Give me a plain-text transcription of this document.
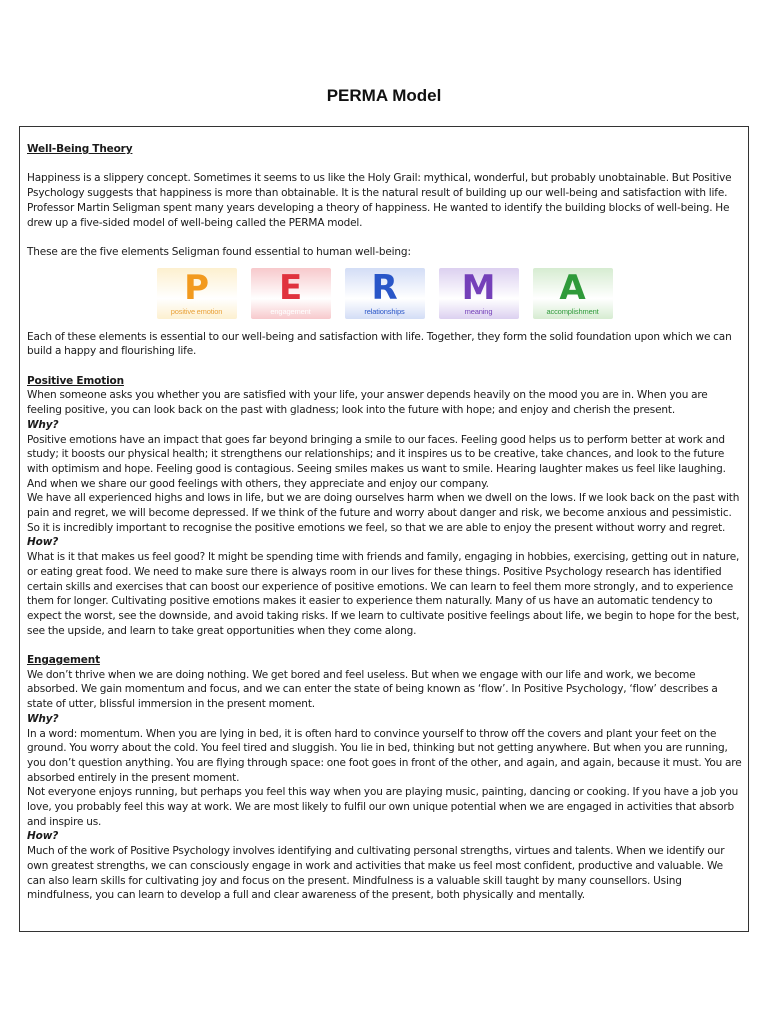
PERMA Model
Well-Being Theory
Happiness is a slippery concept. Sometimes it seems to us like the Holy Grail: mythical, wonderful, but probably unobtainable. But Positive Psychology suggests that happiness is more than obtainable. It is the natural result of building up our well-being and satisfaction with life. Professor Martin Seligman spent many years developing a theory of happiness. He wanted to identify the building blocks of well-being. He drew up a five-sided model of well-being called the PERMA model.
These are the five elements Seligman found essential to human well-being:
P
positive emotion
E
engagement
R
relationships
M
meaning
A
accomplishment
Each of these elements is essential to our well-being and satisfaction with life. Together, they form the solid foundation upon which we can build a happy and flourishing life.
Positive Emotion
When someone asks you whether you are satisfied with your life, your answer depends heavily on the mood you are in. When you are feeling positive, you can look back on the past with gladness; look into the future with hope; and enjoy and cherish the present.
Why?
Positive emotions have an impact that goes far beyond bringing a smile to our faces. Feeling good helps us to perform better at work and study; it boosts our physical health; it strengthens our relationships; and it inspires us to be creative, take chances, and look to the future with optimism and hope. Feeling good is contagious. Seeing smiles makes us want to smile. Hearing laughter makes us feel like laughing. And when we share our good feelings with others, they appreciate and enjoy our company.
We have all experienced highs and lows in life, but we are doing ourselves harm when we dwell on the lows. If we look back on the past with pain and regret, we will become depressed. If we think of the future and worry about danger and risk, we become anxious and pessimistic. So it is incredibly important to recognise the positive emotions we feel, so that we are able to enjoy the present without worry and regret.
How?
What is it that makes us feel good? It might be spending time with friends and family, engaging in hobbies, exercising, getting out in nature, or eating great food. We need to make sure there is always room in our lives for these things. Positive Psychology research has identified certain skills and exercises that can boost our experience of positive emotions. We can learn to feel them more strongly, and to experience them for longer. Cultivating positive emotions makes it easier to experience them naturally. Many of us have an automatic tendency to expect the worst, see the downside, and avoid taking risks. If we learn to cultivate positive feelings about life, we begin to hope for the best, see the upside, and learn to take great opportunities when they come along.
Engagement
We don’t thrive when we are doing nothing. We get bored and feel useless. But when we engage with our life and work, we become absorbed. We gain momentum and focus, and we can enter the state of being known as ‘flow’. In Positive Psychology, ‘flow’ describes a state of utter, blissful immersion in the present moment.
Why?
In a word: momentum. When you are lying in bed, it is often hard to convince yourself to throw off the covers and plant your feet on the ground. You worry about the cold. You feel tired and sluggish. You lie in bed, thinking but not getting anywhere. But when you are running, you don’t question anything. You are flying through space: one foot goes in front of the other, and again, and again, because it must. You are absorbed entirely in the present moment.
Not everyone enjoys running, but perhaps you feel this way when you are playing music, painting, dancing or cooking. If you have a job you love, you probably feel this way at work. We are most likely to fulfil our own unique potential when we are engaged in activities that absorb and inspire us.
How?
Much of the work of Positive Psychology involves identifying and cultivating personal strengths, virtues and talents. When we identify our own greatest strengths, we can consciously engage in work and activities that make us feel most confident, productive and valuable. We can also learn skills for cultivating joy and focus on the present. Mindfulness is a valuable skill taught by many counsellors. Using mindfulness, you can learn to develop a full and clear awareness of the present, both physically and mentally.
